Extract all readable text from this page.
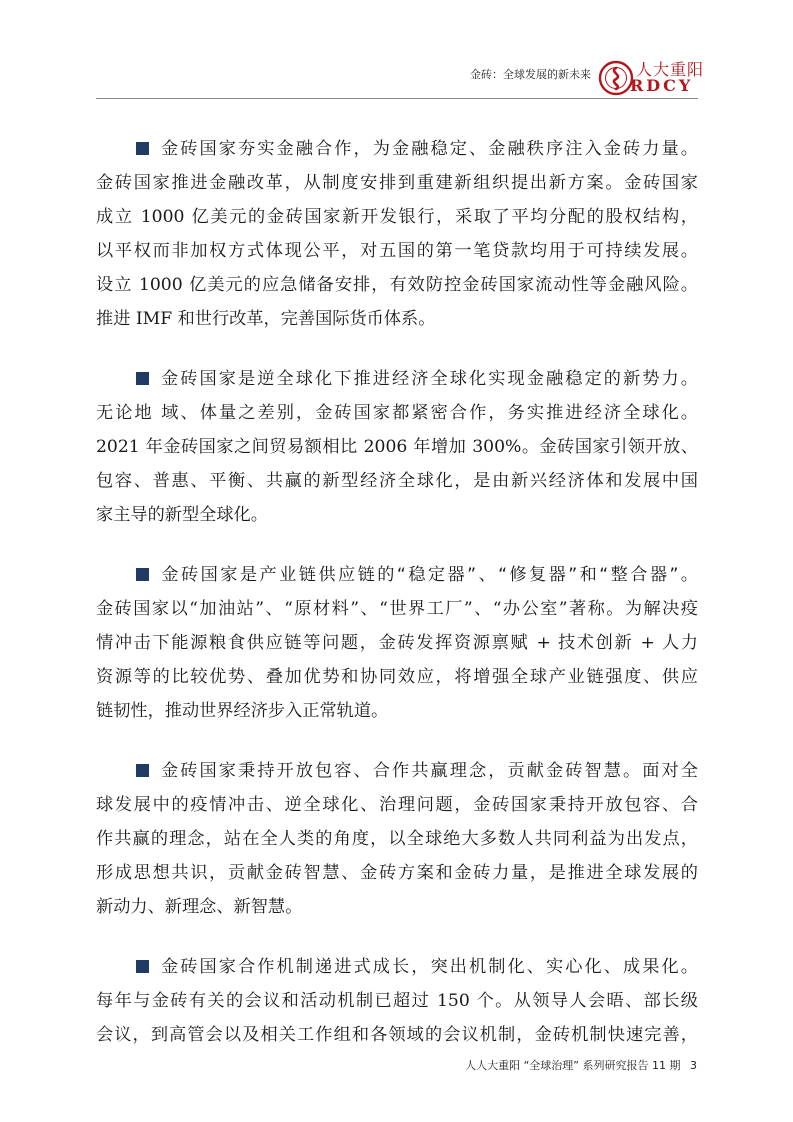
金砖：全球发展的新未来	人大重阳
RDCY
金砖国家夯实金融合作，为金融稳定、金融秩序注入金砖力量。
金砖国家推进金融改革，从制度安排到重建新组织提出新方案。金砖国家
成立 1000 亿美元的金砖国家新开发银行，采取了平均分配的股权结构，
以平权而非加权方式体现公平，对五国的第一笔贷款均用于可持续发展。
设立 1000 亿美元的应急储备安排，有效防控金砖国家流动性等金融风险。
推进 IMF 和世行改革，完善国际货币体系。
金砖国家是逆全球化下推进经济全球化实现金融稳定的新势力。
无论地 域、体量之差别，金砖国家都紧密合作，务实推进经济全球化。
2021 年金砖国家之间贸易额相比 2006 年增加 300%。金砖国家引领开放、
包容、普惠、平衡、共赢的新型经济全球化，是由新兴经济体和发展中国
家主导的新型全球化。
金砖国家是产业链供应链的“稳定器”、“修复器”和“整合器”。
金砖国家以“加油站”、“原材料”、“世界工厂”、“办公室”著称。为解决疫
情冲击下能源粮食供应链等问题，金砖发挥资源禀赋 + 技术创新 + 人力
资源等的比较优势、叠加优势和协同效应，将增强全球产业链强度、供应
链韧性，推动世界经济步入正常轨道。
金砖国家秉持开放包容、合作共赢理念，贡献金砖智慧。面对全
球发展中的疫情冲击、逆全球化、治理问题，金砖国家秉持开放包容、合
作共赢的理念，站在全人类的角度，以全球绝大多数人共同利益为出发点，
形成思想共识，贡献金砖智慧、金砖方案和金砖力量，是推进全球发展的
新动力、新理念、新智慧。
金砖国家合作机制递进式成长，突出机制化、实心化、成果化。
每年与金砖有关的会议和活动机制已超过 150 个。从领导人会晤、部长级
会议，到高管会以及相关工作组和各领域的会议机制，金砖机制快速完善，
人人大重阳 “全球治理” 系列研究报告 11 期 3
